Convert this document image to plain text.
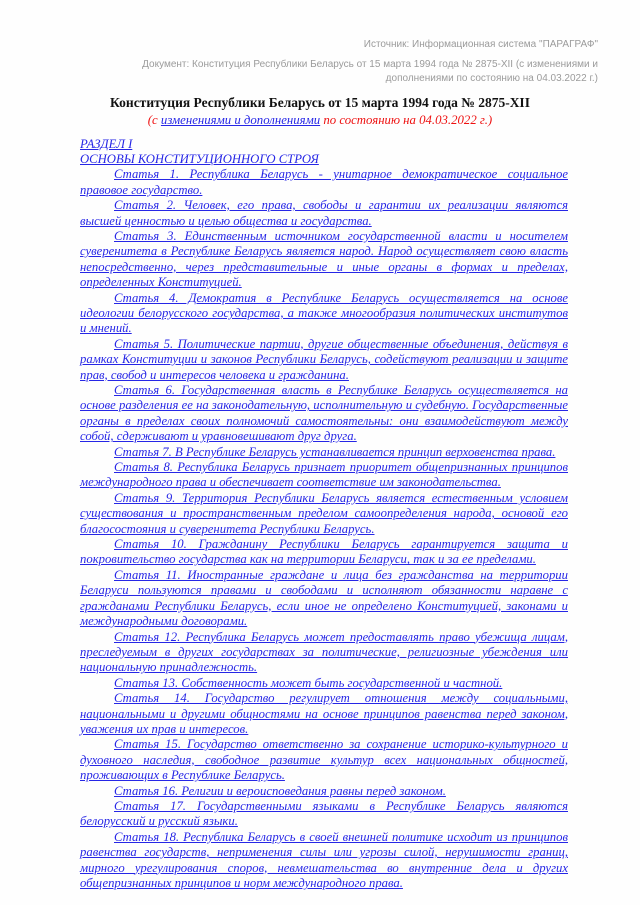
Источник: Информационная система "ПАРАГРАФ"
Документ: Конституция Республики Беларусь от 15 марта 1994 года № 2875-XII (с изменениями и дополнениями по состоянию на 04.03.2022 г.)
Конституция Республики Беларусь от 15 марта 1994 года № 2875-XII
(с изменениями и дополнениями по состоянию на 04.03.2022 г.)
РАЗДЕЛ I
ОСНОВЫ КОНСТИТУЦИОННОГО СТРОЯ

Статья 1. Республика Беларусь - унитарное демократическое социальное правовое государство.

Статья 2. Человек, его права, свободы и гарантии их реализации являются высшей ценностью и целью общества и государства.

Статья 3. Единственным источником государственной власти и носителем суверенитета в Республике Беларусь является народ. Народ осуществляет свою власть непосредственно, через представительные и иные органы в формах и пределах, определенных Конституцией.

Статья 4. Демократия в Республике Беларусь осуществляется на основе идеологии белорусского государства, а также многообразия политических институтов и мнений.

Статья 5. Политические партии, другие общественные объединения, действуя в рамках Конституции и законов Республики Беларусь, содействуют реализации и защите прав, свобод и интересов человека и гражданина.

Статья 6. Государственная власть в Республике Беларусь осуществляется на основе разделения ее на законодательную, исполнительную и судебную. Государственные органы в пределах своих полномочий самостоятельны: они взаимодействуют между собой, сдерживают и уравновешивают друг друга.

Статья 7. В Республике Беларусь устанавливается принцип верховенства права.

Статья 8. Республика Беларусь признает приоритет общепризнанных принципов международного права и обеспечивает соответствие им законодательства.

Статья 9. Территория Республики Беларусь является естественным условием существования и пространственным пределом самоопределения народа, основой его благосостояния и суверенитета Республики Беларусь.

Статья 10. Гражданину Республики Беларусь гарантируется защита и покровительство государства как на территории Беларуси, так и за ее пределами.

Статья 11. Иностранные граждане и лица без гражданства на территории Беларуси пользуются правами и свободами и исполняют обязанности наравне с гражданами Республики Беларусь, если иное не определено Конституцией, законами и международными договорами.

Статья 12. Республика Беларусь может предоставлять право убежища лицам, преследуемым в других государствах за политические, религиозные убеждения или национальную принадлежность.

Статья 13. Собственность может быть государственной и частной.

Статья 14. Государство регулирует отношения между социальными, национальными и другими общностями на основе принципов равенства перед законом, уважения их прав и интересов.

Статья 15. Государство ответственно за сохранение историко-культурного и духовного наследия, свободное развитие культур всех национальных общностей, проживающих в Республике Беларусь.

Статья 16. Религии и вероисповедания равны перед законом.

Статья 17. Государственными языками в Республике Беларусь являются белорусский и русский языки.

Статья 18. Республика Беларусь в своей внешней политике исходит из принципов равенства государств, неприменения силы или угрозы силой, нерушимости границ, мирного урегулирования споров, невмешательства во внутренние дела и других общепризнанных принципов и норм международного права.
